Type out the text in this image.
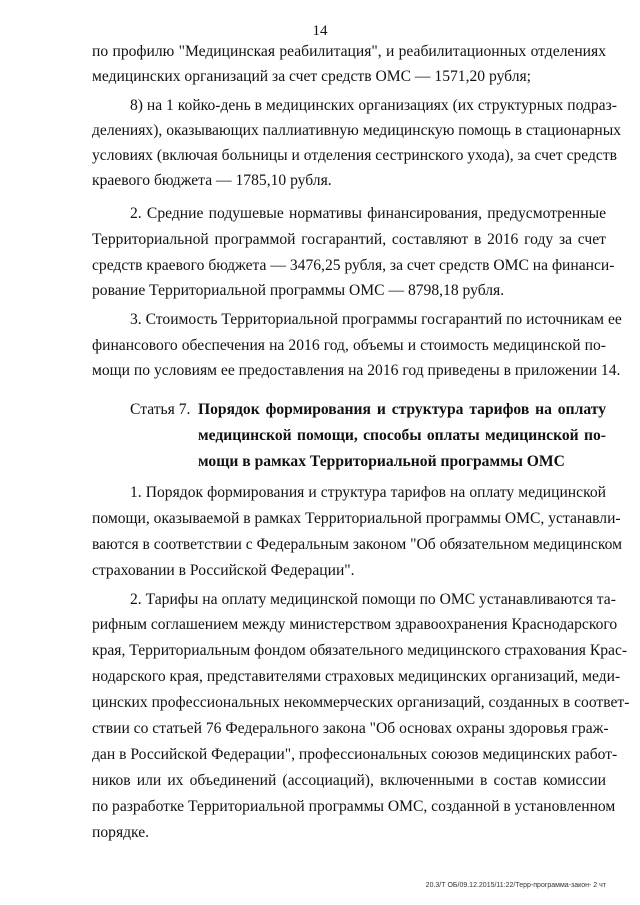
14
по профилю "Медицинская реабилитация", и реабилитационных отделениях
медицинских организаций за счет средств ОМС — 1571,20 рубля;
8) на 1 койко-день в медицинских организациях (их структурных подраз-
делениях), оказывающих паллиативную медицинскую помощь в стационарных
условиях (включая больницы и отделения сестринского ухода), за счет средств
краевого бюджета — 1785,10 рубля.
2. Средние подушевые нормативы финансирования, предусмотренные
Территориальной программой госгарантий, составляют в 2016 году за счет
средств краевого бюджета — 3476,25 рубля, за счет средств ОМС на финанси-
рование Территориальной программы ОМС — 8798,18 рубля.
3. Стоимость Территориальной программы госгарантий по источникам ее
финансового обеспечения на 2016 год, объемы и стоимость медицинской по-
мощи по условиям ее предоставления на 2016 год приведены в приложении 14.
Статья 7. Порядок формирования и структура тарифов на оплату
медицинской помощи, способы оплаты медицинской по-
мощи в рамках Территориальной программы ОМС
1. Порядок формирования и структура тарифов на оплату медицинской
помощи, оказываемой в рамках Территориальной программы ОМС, устанавли-
ваются в соответствии с Федеральным законом "Об обязательном медицинском
страховании в Российской Федерации".
2. Тарифы на оплату медицинской помощи по ОМС устанавливаются та-
рифным соглашением между министерством здравоохранения Краснодарского
края, Территориальным фондом обязательного медицинского страхования Крас-
нодарского края, представителями страховых медицинских организаций, меди-
цинских профессиональных некоммерческих организаций, созданных в соответ-
ствии со статьей 76 Федерального закона "Об основах охраны здоровья граж-
дан в Российской Федерации", профессиональных союзов медицинских работ-
ников или их объединений (ассоциаций), включенными в состав комиссии
по разработке Территориальной программы ОМС, созданной в установленном
порядке.
20.3/Т ОБ/09.12.2015/11:22/Терр-программа-закон- 2 чт
